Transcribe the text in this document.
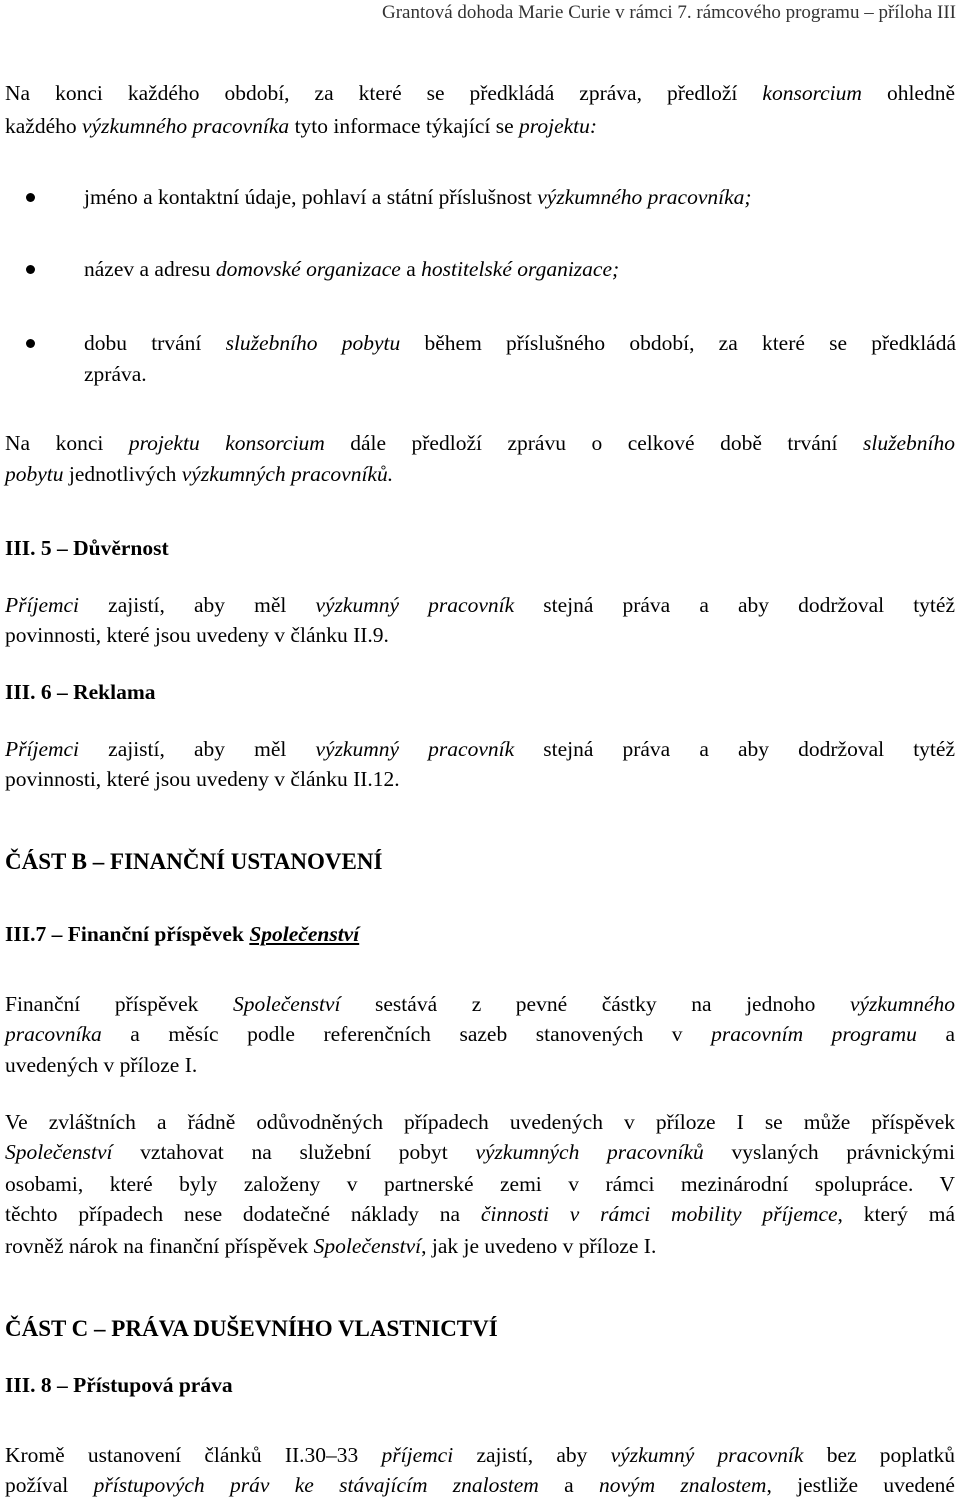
Grantová dohoda Marie Curie v rámci 7. rámcového programu – příloha III
Na konci každého období, za které se předkládá zpráva, předloží konsorcium ohledně
každého výzkumného pracovníka tyto informace týkající se projektu:
jméno a kontaktní údaje, pohlaví a státní příslušnost výzkumného pracovníka;
název a adresu domovské organizace a hostitelské organizace;
dobu trvání služebního pobytu během příslušného období, za které se předkládá
zpráva.
Na konci projektu konsorcium dále předloží zprávu o celkové době trvání služebního
pobytu jednotlivých výzkumných pracovníků.
III. 5 – Důvěrnost
Příjemci zajistí, aby měl výzkumný pracovník stejná práva a aby dodržoval tytéž
povinnosti, které jsou uvedeny v článku II.9.
III. 6 – Reklama
Příjemci zajistí, aby měl výzkumný pracovník stejná práva a aby dodržoval tytéž
povinnosti, které jsou uvedeny v článku II.12.
ČÁST B – FINANČNÍ USTANOVENÍ
III.7 – Finanční příspěvek Společenství
Finanční příspěvek Společenství sestává z pevné částky na jednoho výzkumného
pracovníka a měsíc podle referenčních sazeb stanovených v pracovním programu a
uvedených v příloze I.
Ve zvláštních a řádně odůvodněných případech uvedených v příloze I se může příspěvek
Společenství vztahovat na služební pobyt výzkumných pracovníků vyslaných právnickými
osobami, které byly založeny v partnerské zemi v rámci mezinárodní spolupráce. V
těchto případech nese dodatečné náklady na činnosti v rámci mobility příjemce, který má
rovněž nárok na finanční příspěvek Společenství, jak je uvedeno v příloze I.
ČÁST C – PRÁVA DUŠEVNÍHO VLASTNICTVÍ
III. 8 – Přístupová práva
Kromě ustanovení článků II.30–33 příjemci zajistí, aby výzkumný pracovník bez poplatků
požíval přístupových práv ke stávajícím znalostem a novým znalostem, jestliže uvedené
